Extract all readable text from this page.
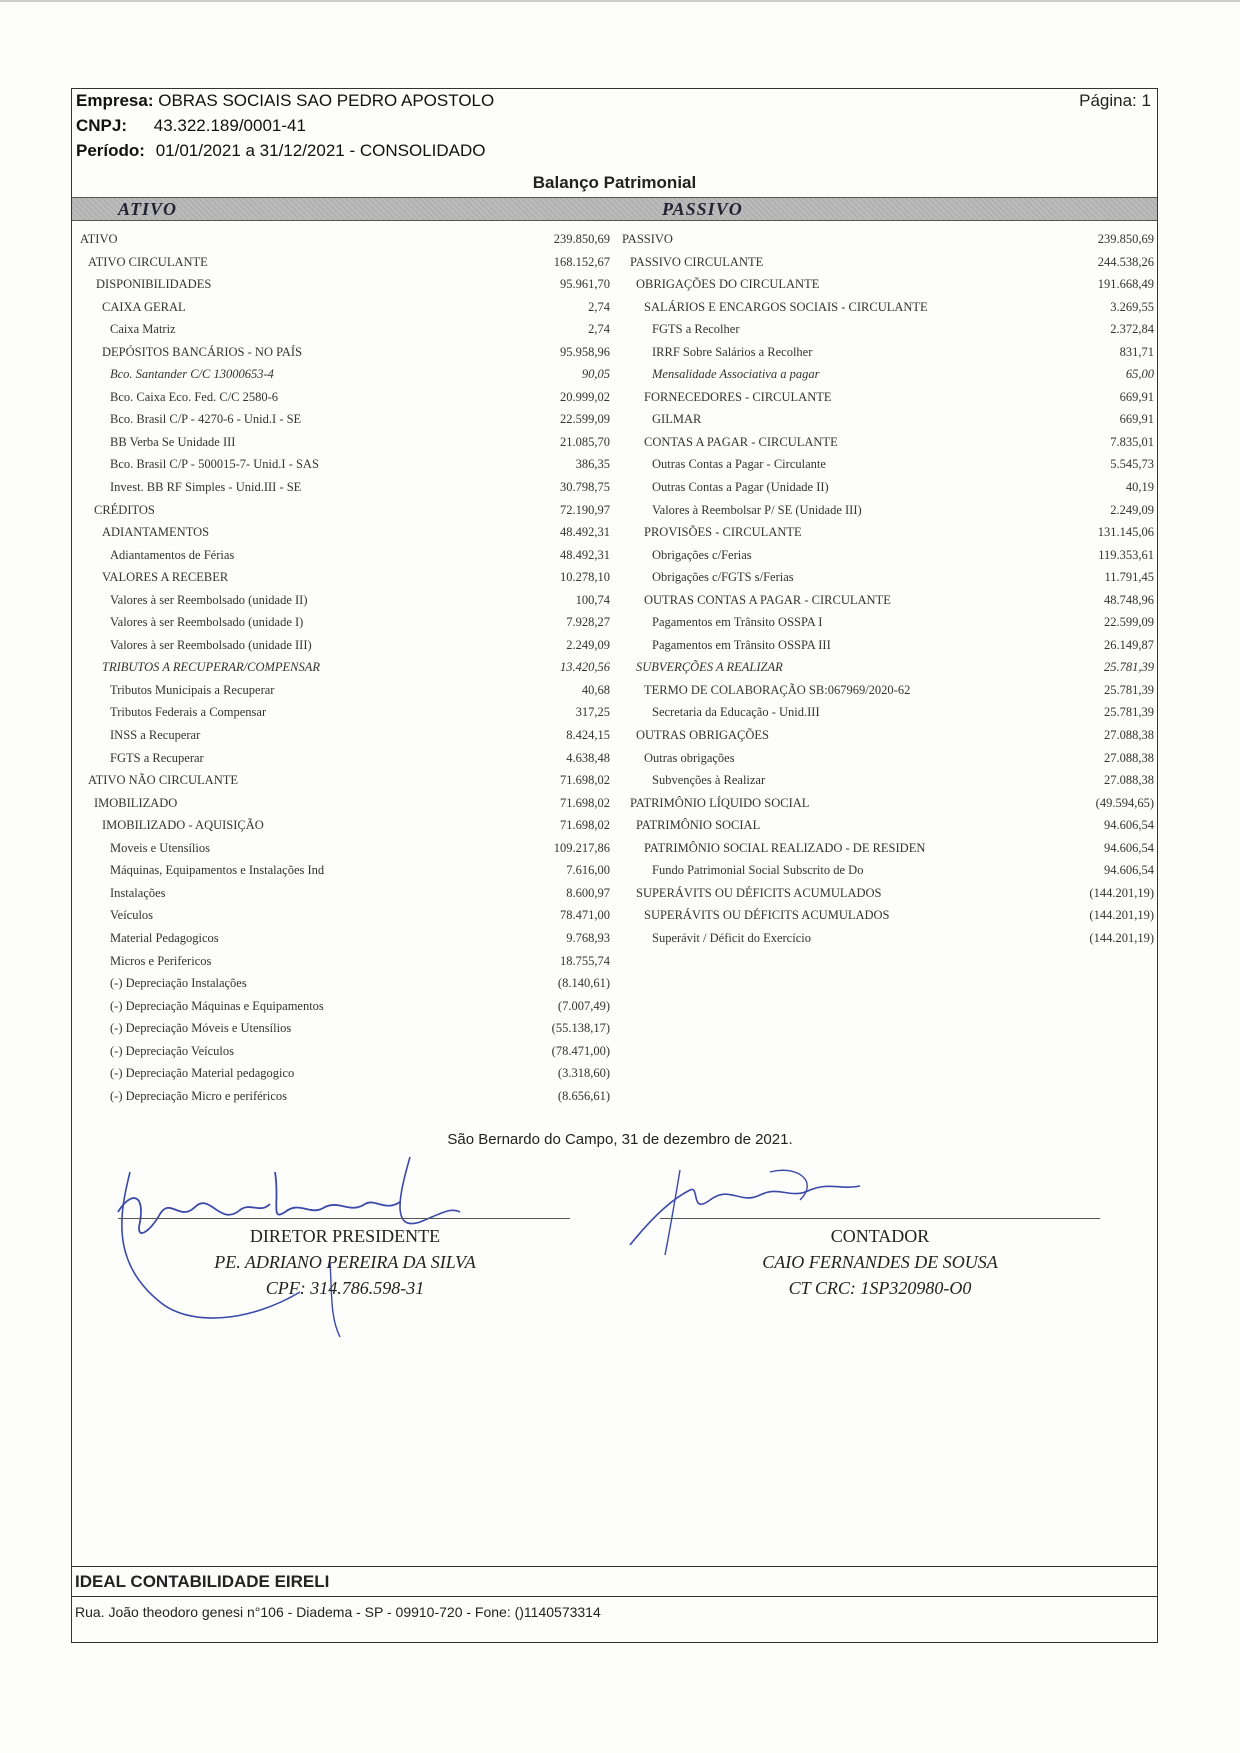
Empresa: OBRAS SOCIAIS SAO PEDRO APOSTOLO	Página: 1
CNPJ: 43.322.189/0001-41
Período: 01/01/2021 a 31/12/2021 - CONSOLIDADO
Balanço Patrimonial
ATIVO	PASSIVO
ATIVO	239.850,69
ATIVO CIRCULANTE	168.152,67
DISPONIBILIDADES	95.961,70
CAIXA GERAL	2,74
Caixa Matriz	2,74
DEPÓSITOS BANCÁRIOS - NO PAÍS	95.958,96
Bco. Santander C/C 13000653-4	90,05
Bco. Caixa Eco. Fed. C/C 2580-6	20.999,02
Bco. Brasil C/P - 4270-6 - Unid.I - SE	22.599,09
BB Verba Se Unidade III	21.085,70
Bco. Brasil C/P - 500015-7- Unid.I - SAS	386,35
Invest. BB RF Simples - Unid.III - SE	30.798,75
CRÉDITOS	72.190,97
ADIANTAMENTOS	48.492,31
Adiantamentos de Férias	48.492,31
VALORES A RECEBER	10.278,10
Valores à ser Reembolsado (unidade II)	100,74
Valores à ser Reembolsado (unidade I)	7.928,27
Valores à ser Reembolsado (unidade III)	2.249,09
TRIBUTOS A RECUPERAR/COMPENSAR	13.420,56
Tributos Municipais a Recuperar	40,68
Tributos Federais a Compensar	317,25
INSS a Recuperar	8.424,15
FGTS a Recuperar	4.638,48
ATIVO NÃO CIRCULANTE	71.698,02
IMOBILIZADO	71.698,02
IMOBILIZADO - AQUISIÇÃO	71.698,02
Moveis e Utensílios	109.217,86
Máquinas, Equipamentos e Instalações Ind	7.616,00
Instalações	8.600,97
Veículos	78.471,00
Material Pedagogicos	9.768,93
Micros e Perifericos	18.755,74
(-) Depreciação Instalações	(8.140,61)
(-) Depreciação Máquinas e Equipamentos	(7.007,49)
(-) Depreciação Móveis e Utensílios	(55.138,17)
(-) Depreciação Veículos	(78.471,00)
(-) Depreciação Material pedagogico	(3.318,60)
(-) Depreciação Micro e periféricos	(8.656,61)
PASSIVO	239.850,69
PASSIVO CIRCULANTE	244.538,26
OBRIGAÇÕES DO CIRCULANTE	191.668,49
SALÁRIOS E ENCARGOS SOCIAIS - CIRCULANTE	3.269,55
FGTS a Recolher	2.372,84
IRRF Sobre Salários a Recolher	831,71
Mensalidade Associativa a pagar	65,00
FORNECEDORES - CIRCULANTE	669,91
GILMAR	669,91
CONTAS A PAGAR - CIRCULANTE	7.835,01
Outras Contas a Pagar - Circulante	5.545,73
Outras Contas a Pagar (Unidade II)	40,19
Valores à Reembolsar P/ SE (Unidade III)	2.249,09
PROVISÕES - CIRCULANTE	131.145,06
Obrigações c/Ferias	119.353,61
Obrigações c/FGTS s/Ferias	11.791,45
OUTRAS CONTAS A PAGAR - CIRCULANTE	48.748,96
Pagamentos em Trânsito OSSPA I	22.599,09
Pagamentos em Trânsito OSSPA III	26.149,87
SUBVERÇÕES A REALIZAR	25.781,39
TERMO DE COLABORAÇÃO SB:067969/2020-62	25.781,39
Secretaria da Educação - Unid.III	25.781,39
OUTRAS OBRIGAÇÕES	27.088,38
Outras obrigações	27.088,38
Subvenções à Realizar	27.088,38
PATRIMÔNIO LÍQUIDO SOCIAL	(49.594,65)
PATRIMÔNIO SOCIAL	94.606,54
PATRIMÔNIO SOCIAL REALIZADO - DE RESIDEN	94.606,54
Fundo Patrimonial Social Subscrito de Do	94.606,54
SUPERÁVITS OU DÉFICITS ACUMULADOS	(144.201,19)
SUPERÁVITS OU DÉFICITS ACUMULADOS	(144.201,19)
Superávit / Déficit do Exercício	(144.201,19)
São Bernardo do Campo, 31 de dezembro de 2021.
DIRETOR PRESIDENTE
PE. ADRIANO PEREIRA DA SILVA
CPF: 314.786.598-31
CONTADOR
CAIO FERNANDES DE SOUSA
CT CRC: 1SP320980-O0
IDEAL CONTABILIDADE EIRELI
Rua. João theodoro genesi n°106 - Diadema - SP - 09910-720 - Fone: ()1140573314
